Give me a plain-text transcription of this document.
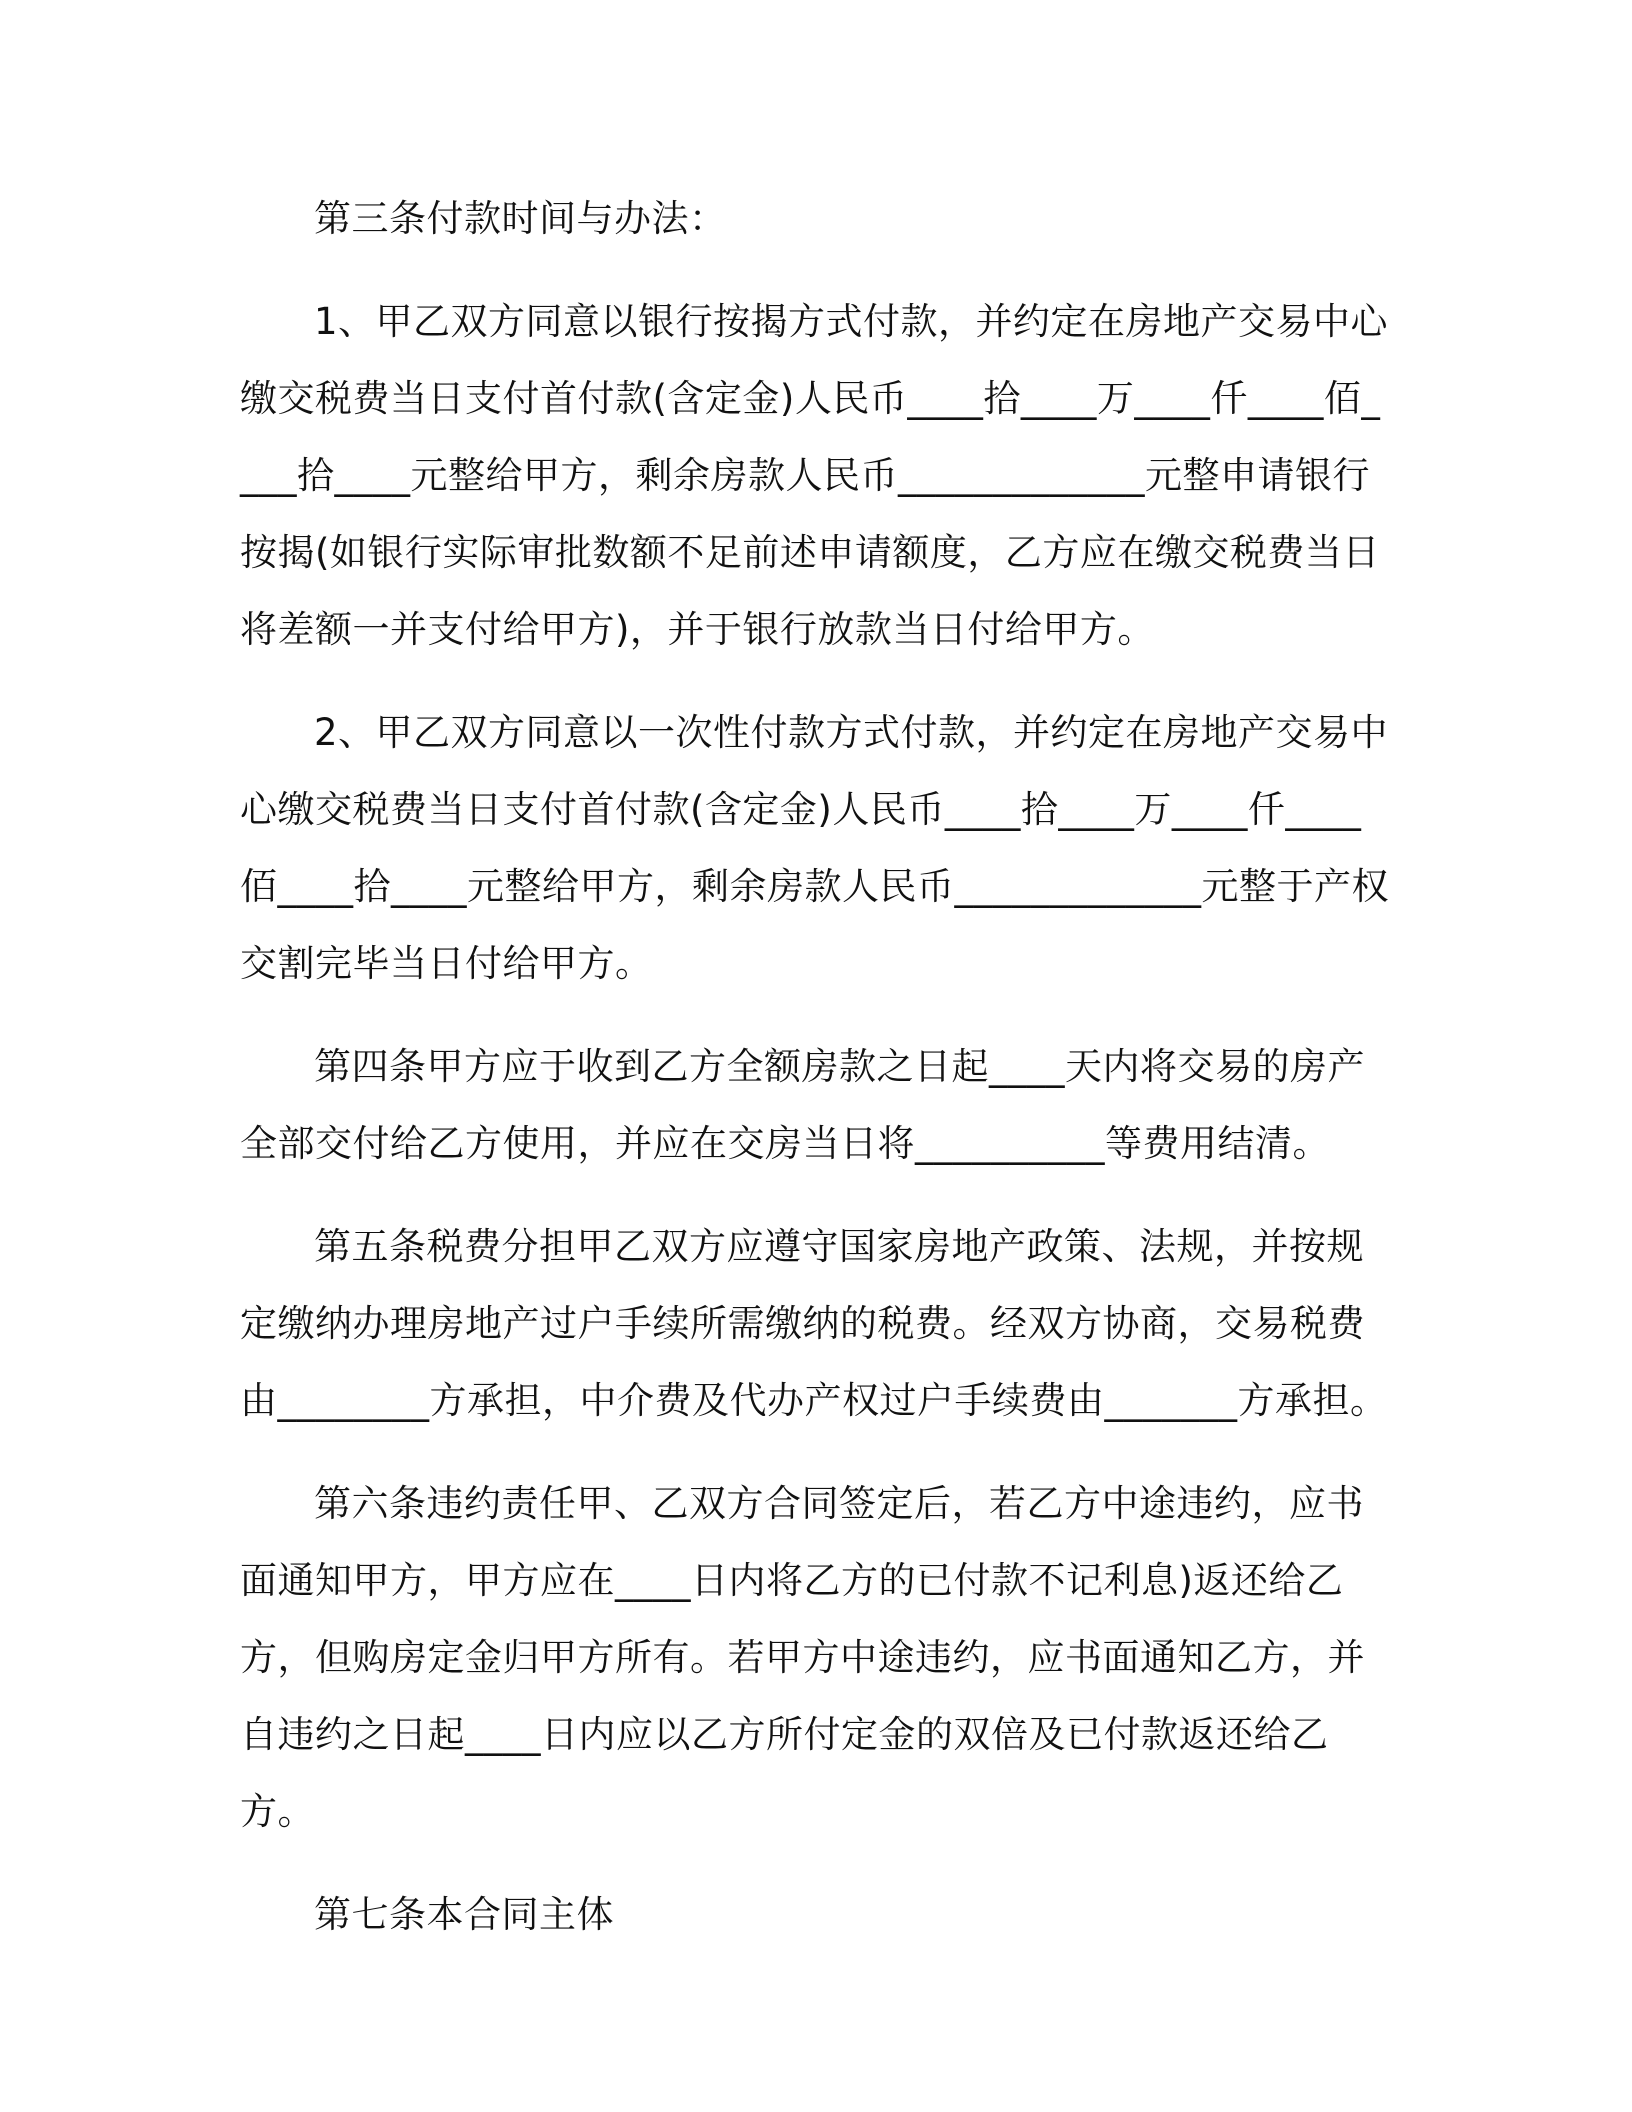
第三条付款时间与办法：

1、甲乙双方同意以银行按揭方式付款，并约定在房地产交易中心缴交税费当日支付首付款(含定金)人民币____拾____万____仟____佰____拾____元整给甲方，剩余房款人民币_____________元整申请银行按揭(如银行实际审批数额不足前述申请额度，乙方应在缴交税费当日将差额一并支付给甲方)，并于银行放款当日付给甲方。

2、甲乙双方同意以一次性付款方式付款，并约定在房地产交易中心缴交税费当日支付首付款(含定金)人民币____拾____万____仟____佰____拾____元整给甲方，剩余房款人民币_____________元整于产权交割完毕当日付给甲方。

第四条甲方应于收到乙方全额房款之日起____天内将交易的房产全部交付给乙方使用，并应在交房当日将__________等费用结清。

第五条税费分担甲乙双方应遵守国家房地产政策、法规，并按规定缴纳办理房地产过户手续所需缴纳的税费。经双方协商，交易税费由________方承担，中介费及代办产权过户手续费由_______方承担。

第六条违约责任甲、乙双方合同签定后，若乙方中途违约，应书面通知甲方，甲方应在____日内将乙方的已付款不记利息)返还给乙方，但购房定金归甲方所有。若甲方中途违约，应书面通知乙方，并自违约之日起____日内应以乙方所付定金的双倍及已付款返还给乙方。

第七条本合同主体
